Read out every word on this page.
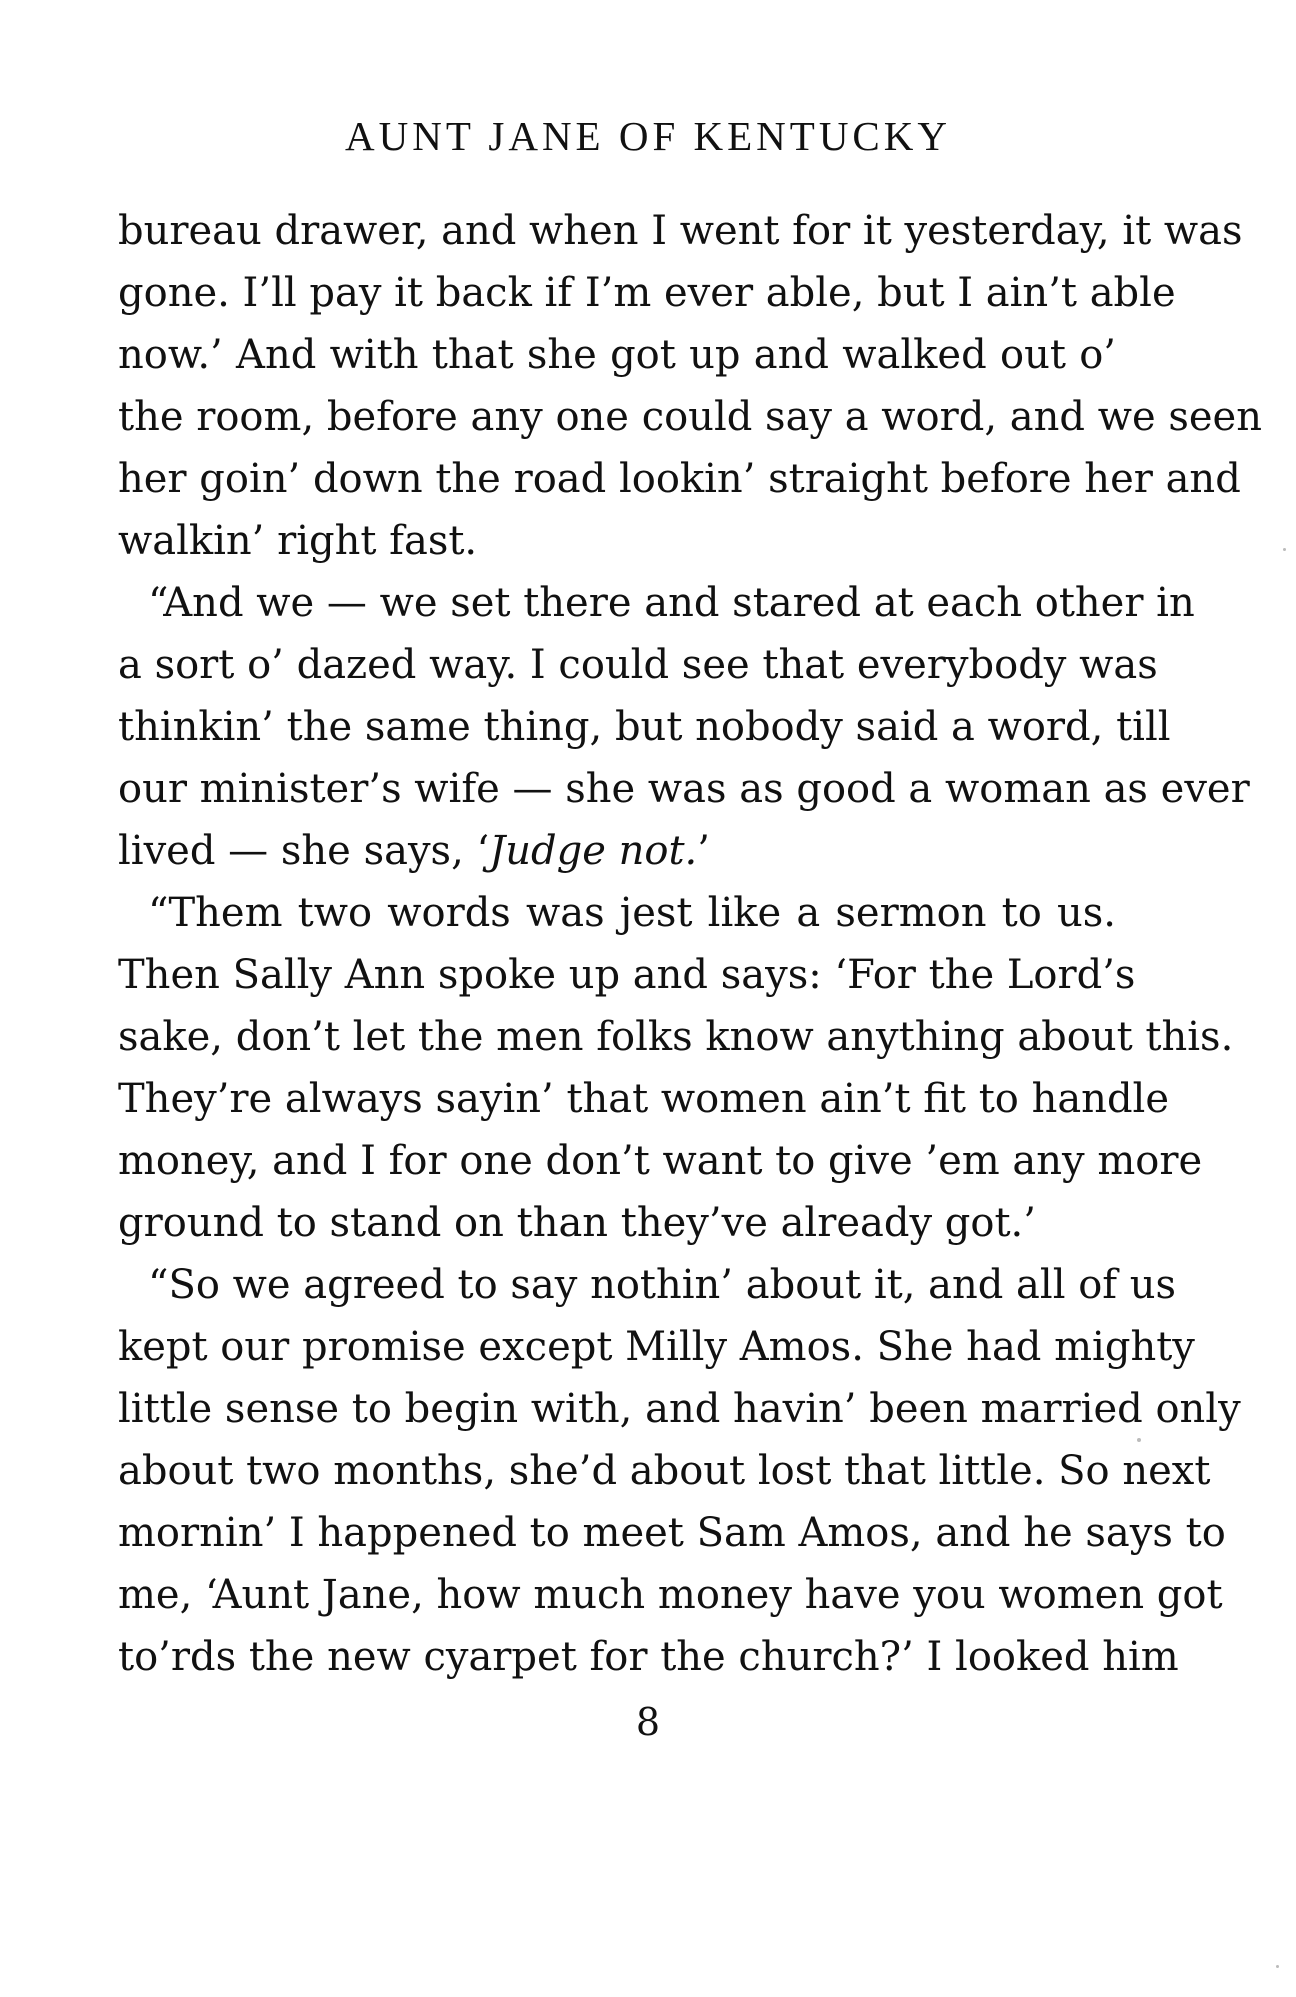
AUNT JANE OF KENTUCKY
bureau drawer, and when I went for it yesterday, it was
gone. I’ll pay it back if I’m ever able, but I ain’t able
now.’ And with that she got up and walked out o’
the room, before any one could say a word, and we seen
her goin’ down the road lookin’ straight before her and
walkin’ right fast.
“And we — we set there and stared at each other in
a sort o’ dazed way. I could see that everybody was
thinkin’ the same thing, but nobody said a word, till
our minister’s wife — she was as good a woman as ever
lived — she says, ‘Judge not.’
“Them two words was jest like a sermon to us.
Then Sally Ann spoke up and says: ‘For the Lord’s
sake, don’t let the men folks know anything about this.
They’re always sayin’ that women ain’t fit to handle
money, and I for one don’t want to give ’em any more
ground to stand on than they’ve already got.’
“So we agreed to say nothin’ about it, and all of us
kept our promise except Milly Amos. She had mighty
little sense to begin with, and havin’ been married only
about two months, she’d about lost that little. So next
mornin’ I happened to meet Sam Amos, and he says to
me, ‘Aunt Jane, how much money have you women got
to’rds the new cyarpet for the church?’ I looked him
8
